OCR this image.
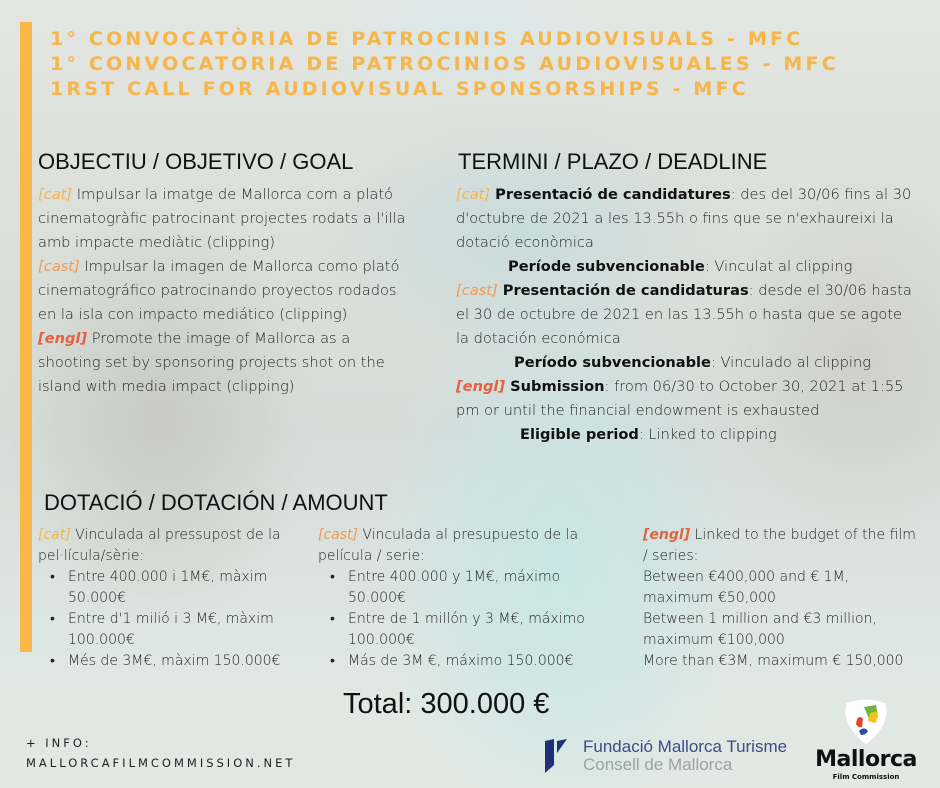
1° CONVOCATÒRIA DE PATROCINIS AUDIOVISUALS - MFC
1° CONVOCATORIA DE PATROCINIOS AUDIOVISUALES - MFC
1RST CALL FOR AUDIOVISUAL SPONSORSHIPS - MFC
OBJECTIU / OBJETIVO / GOAL
[cat] Impulsar la imatge de Mallorca com a plató cinematogràfic patrocinant projectes rodats a l'illa amb impacte mediàtic (clipping)
[cast] Impulsar la imagen de Mallorca como plató cinematográfico patrocinando proyectos rodados en la isla con impacto mediático (clipping)
[engl] Promote the image of Mallorca as a shooting set by sponsoring projects shot on the island with media impact (clipping)
TERMINI / PLAZO / DEADLINE
[cat] Presentació de candidatures: des del 30/06 fins al 30 d'octubre de 2021 a les 13.55h o fins que se n'exhaureixi la dotació econòmica
Període subvencionable: Vinculat al clipping
[cast] Presentación de candidaturas: desde el 30/06 hasta el 30 de octubre de 2021 en las 13.55h o hasta que se agote la dotación económica
Período subvencionable: Vinculado al clipping
[engl] Submission: from 06/30 to October 30, 2021 at 1:55 pm or until the financial endowment is exhausted
Eligible period: Linked to clipping
DOTACIÓ / DOTACIÓN / AMOUNT
[cat] Vinculada al pressupost de la pel·lícula/sèrie:
• Entre 400.000 i 1M€, màxim 50.000€
• Entre d'1 milió i 3 M€, màxim 100.000€
• Més de 3M€, màxim 150.000€
[cast] Vinculada al presupuesto de la película / serie:
• Entre 400.000 y 1M€, máximo 50.000€
• Entre de 1 millón y 3 M€, máximo 100.000€
• Más de 3M €, máximo 150.000€
[engl] Linked to the budget of the film / series:
Between €400,000 and € 1M, maximum €50,000
Between 1 million and €3 million, maximum €100,000
More than €3M, maximum € 150,000
Total: 300.000 €
+ INFO:
MALLORCAFILMCOMMISSION.NET
Fundació Mallorca Turisme
Consell de Mallorca	Mallorca
Film Commission
